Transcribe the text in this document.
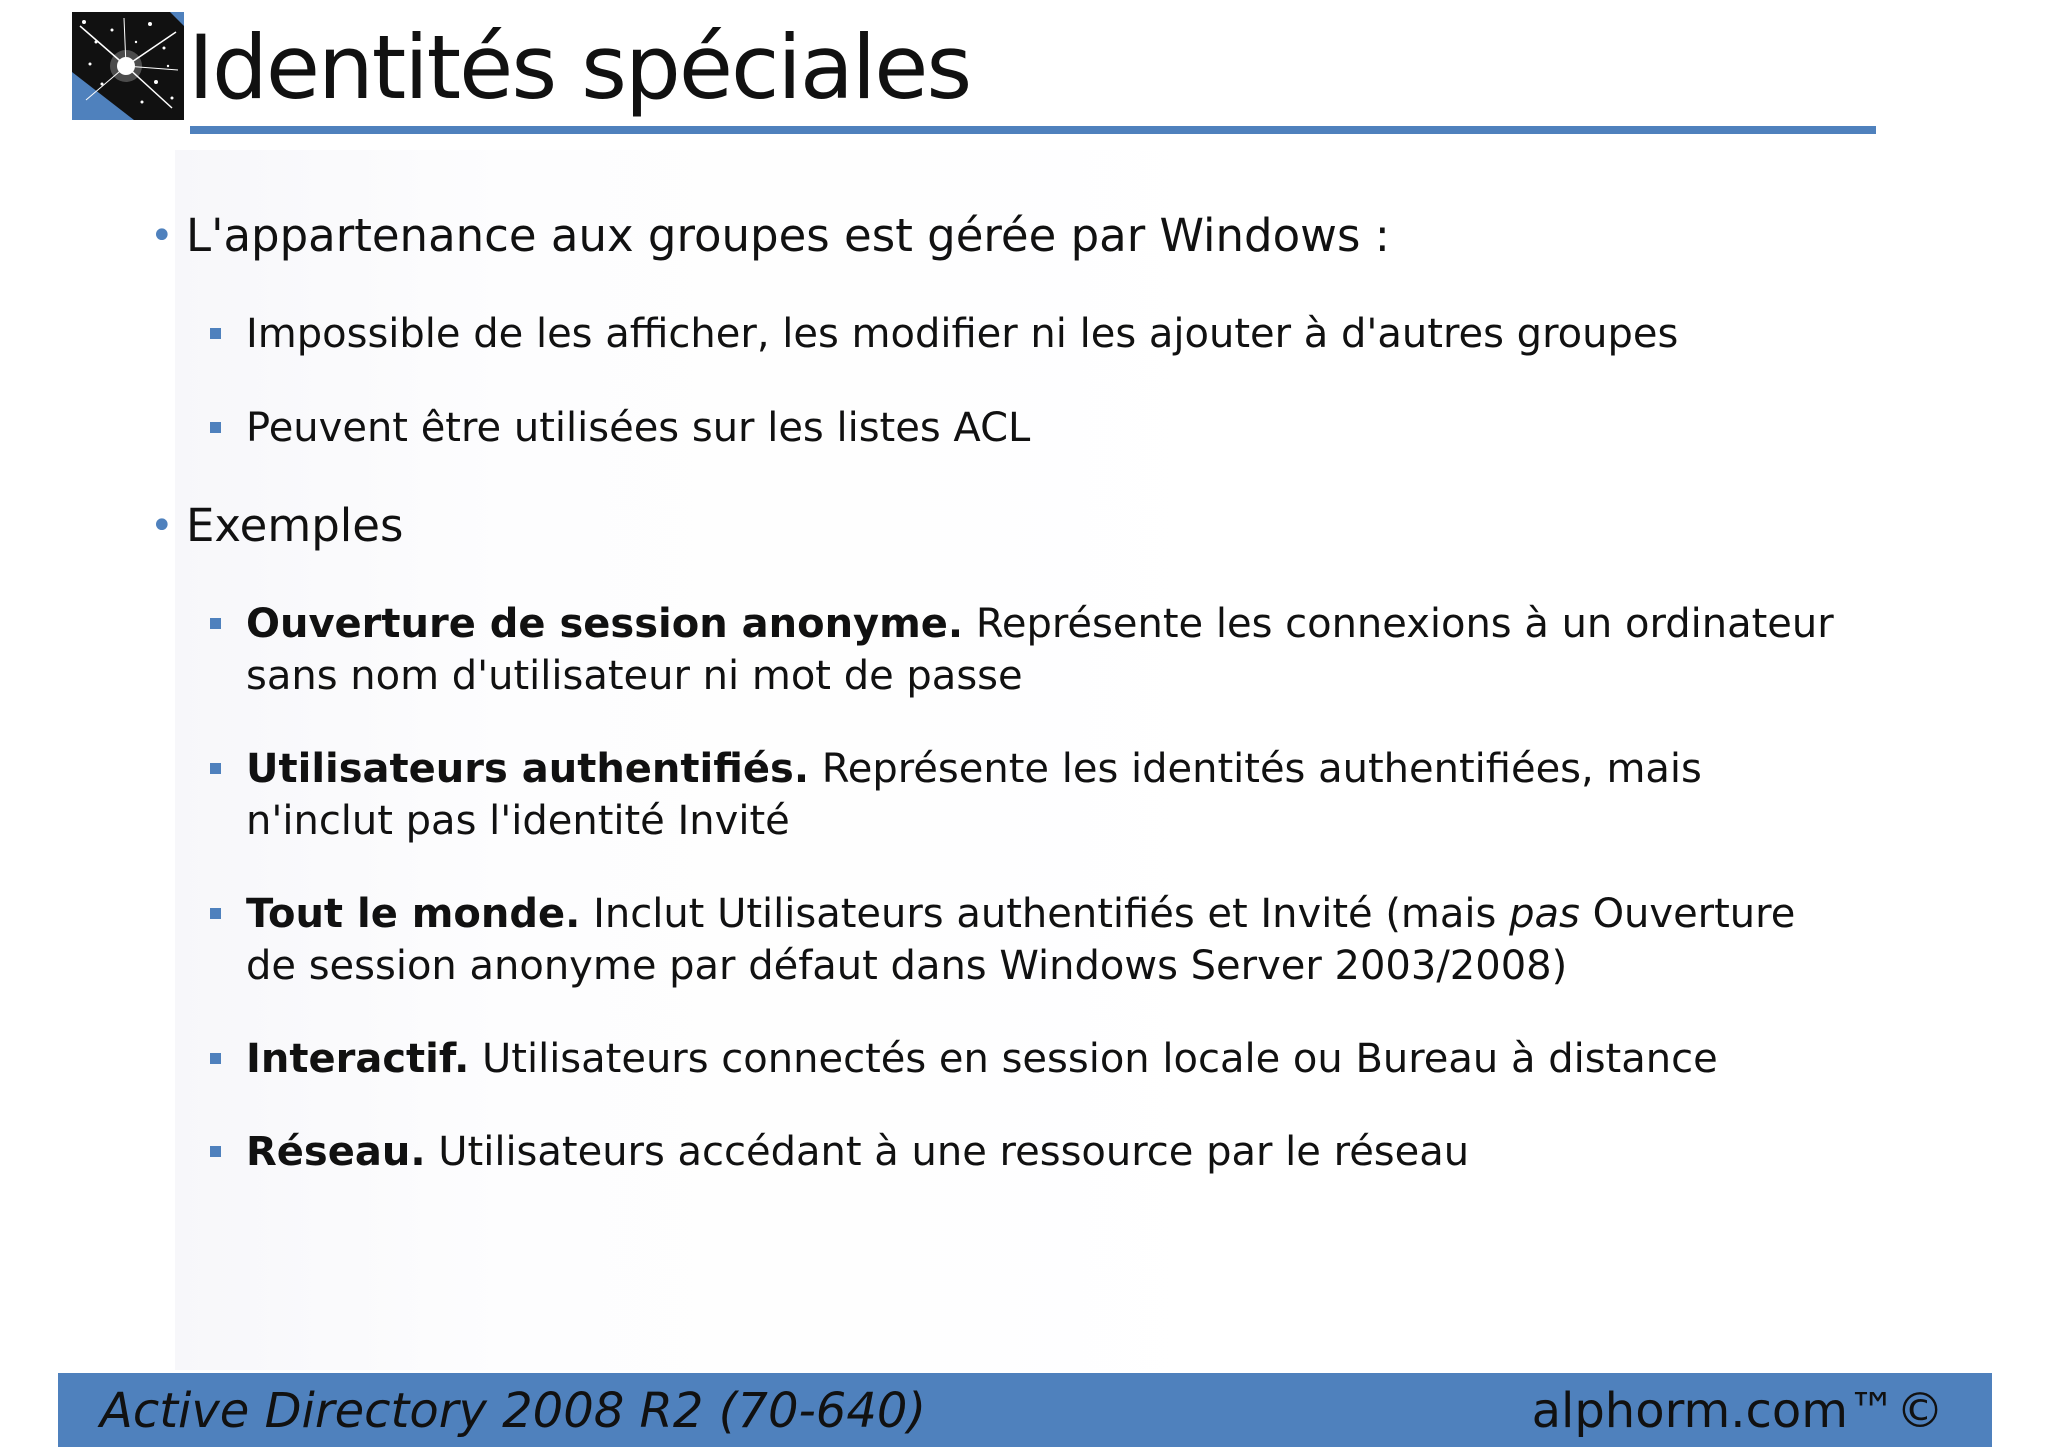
Identités spéciales
• L'appartenance aux groupes est gérée par Windows :
Impossible de les afficher, les modifier ni les ajouter à d'autres groupes
Peuvent être utilisées sur les listes ACL
• Exemples
Ouverture de session anonyme. Représente les connexions à un ordinateur sans nom d'utilisateur ni mot de passe
Utilisateurs authentifiés. Représente les identités authentifiées, mais n'inclut pas l'identité Invité
Tout le monde. Inclut Utilisateurs authentifiés et Invité (mais pas Ouverture de session anonyme par défaut dans Windows Server 2003/2008)
Interactif. Utilisateurs connectés en session locale ou Bureau à distance
Réseau. Utilisateurs accédant à une ressource par le réseau
Active Directory 2008 R2 (70-640)	alphorm.com™©
